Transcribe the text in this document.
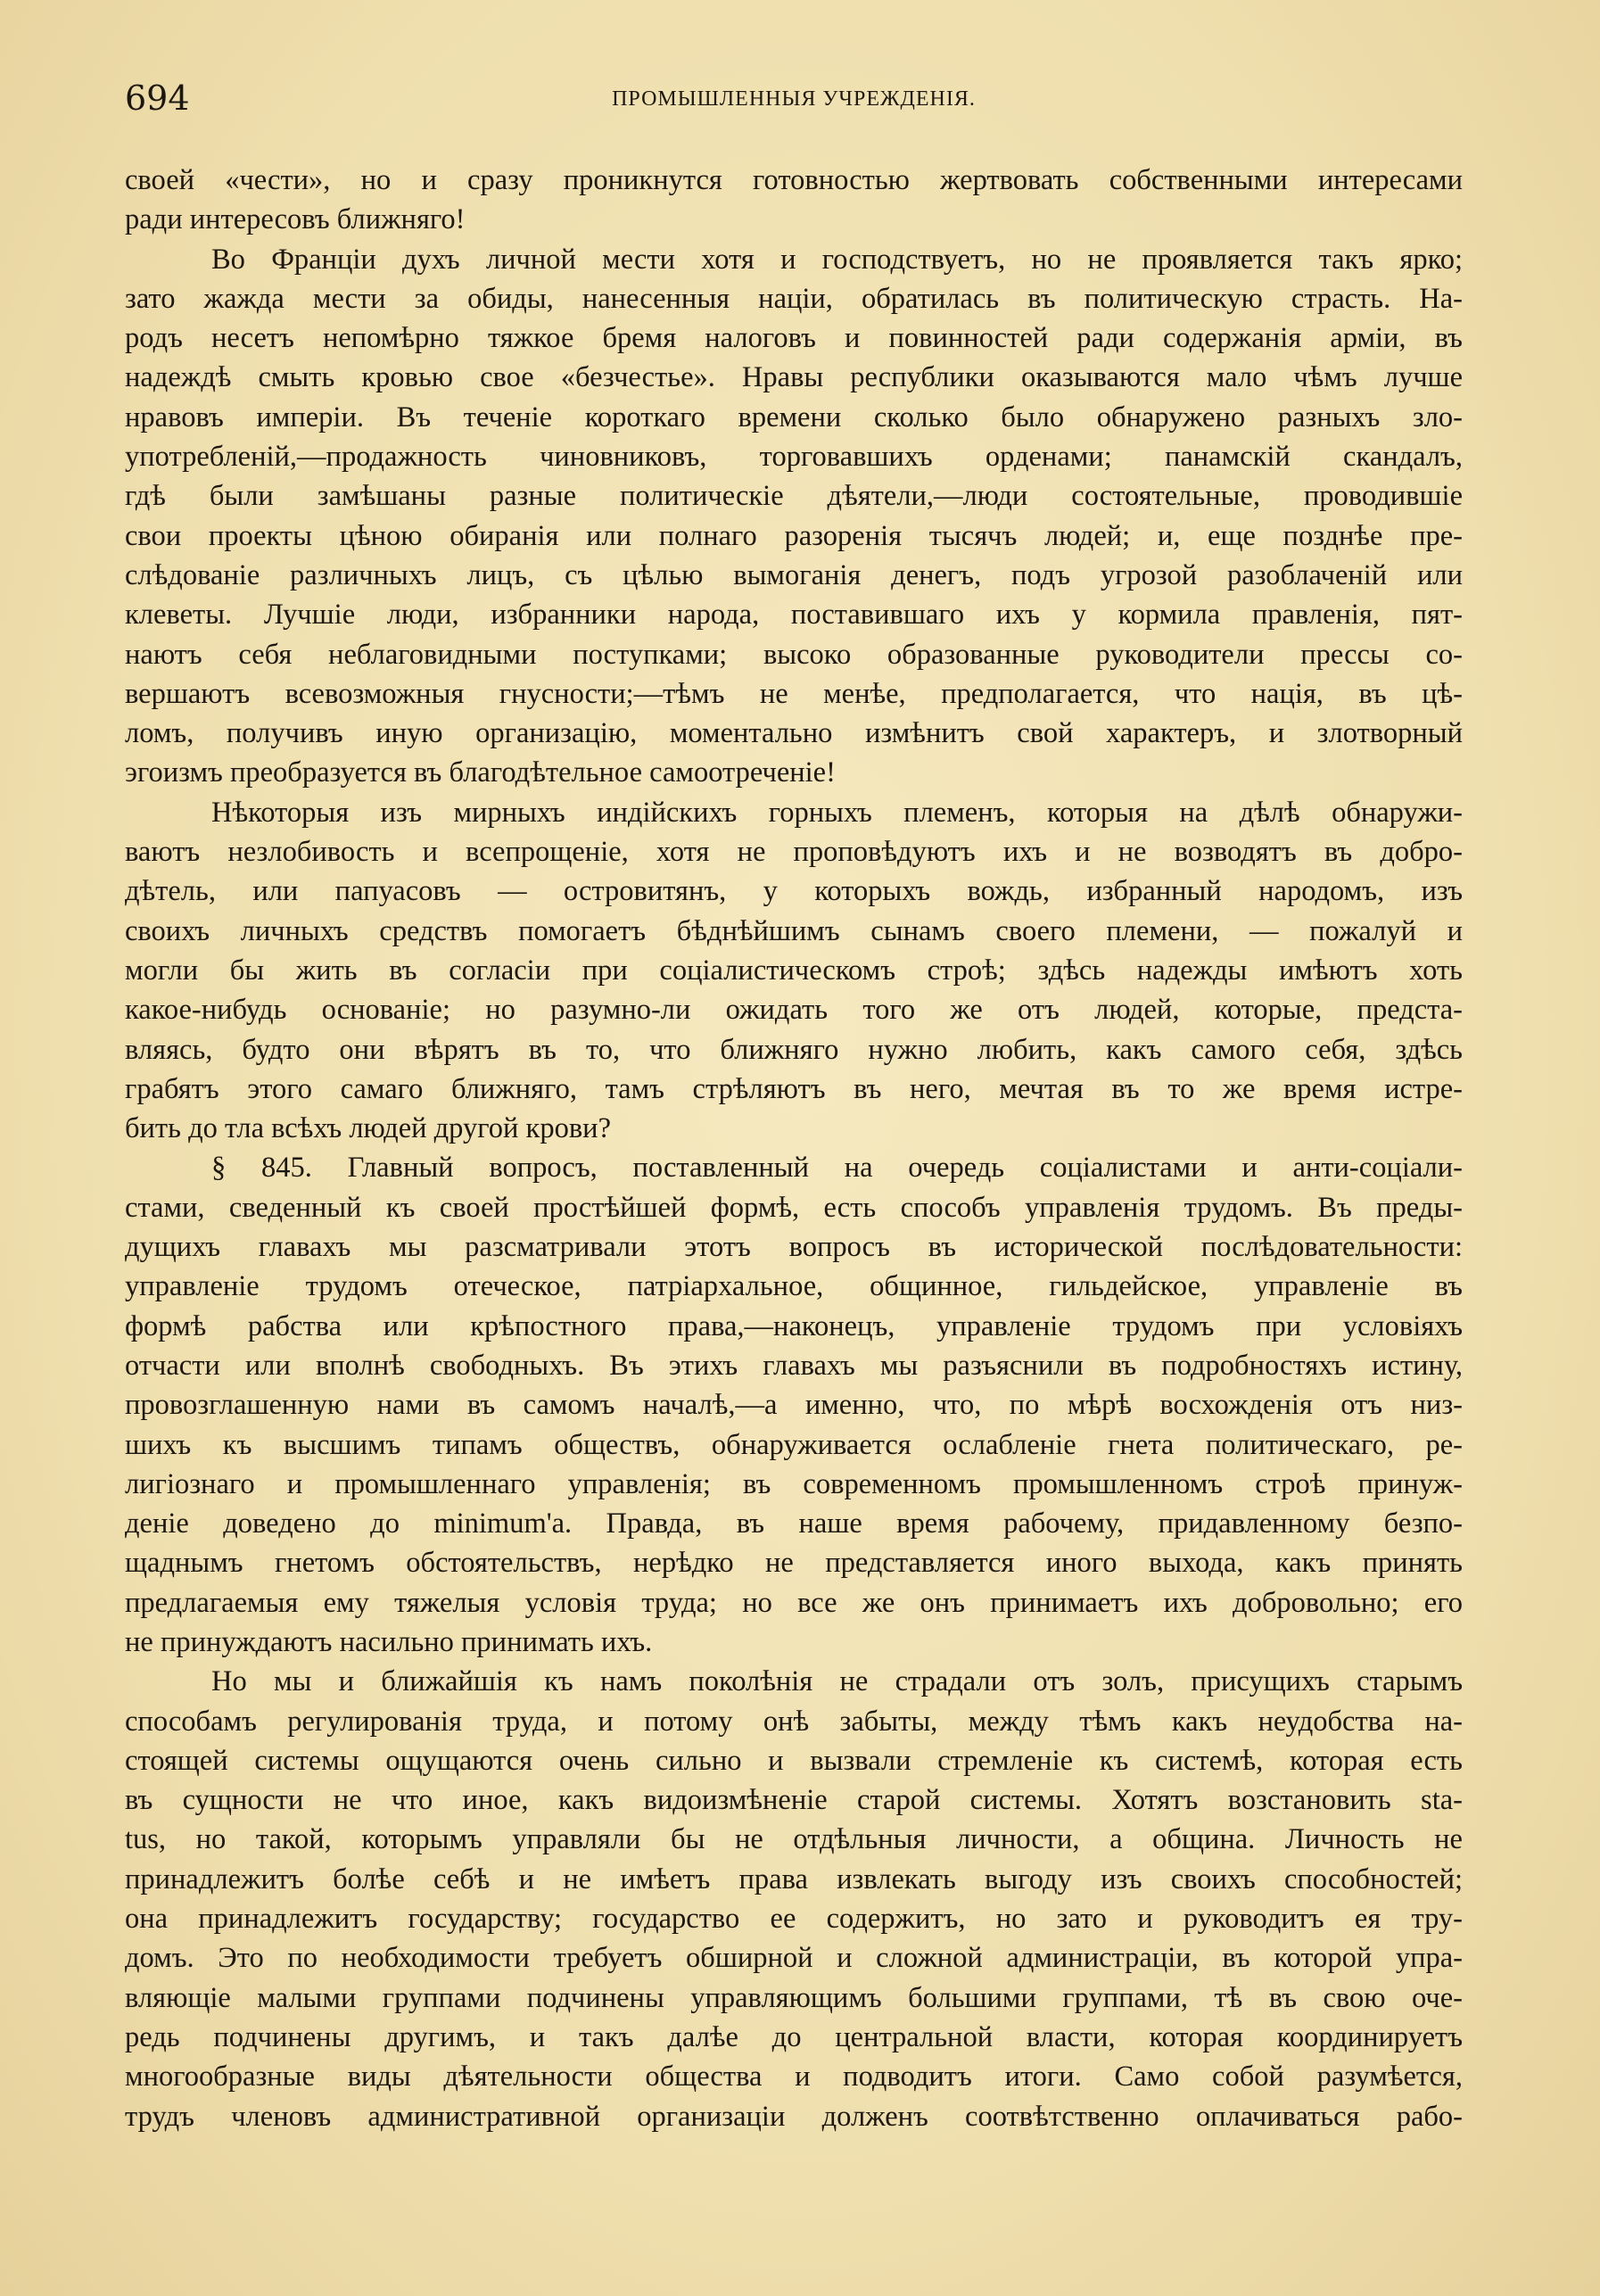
694	ПРОМЫШЛЕННЫЯ УЧРЕЖДЕНIЯ.
своей «чести», но и сразу проникнутся готовностью жертвовать собственными интересами
ради интересовъ ближняго!
Во Франціи духъ личной мести хотя и господствуетъ, но не проявляется такъ ярко;
зато жажда мести за обиды, нанесенныя націи, обратилась въ политическую страсть. На-
родъ несетъ непомѣрно тяжкое бремя налоговъ и повинностей ради содержанія арміи, въ
надеждѣ смыть кровью свое «безчестье». Нравы республики оказываются мало чѣмъ лучше
нравовъ имперіи. Въ теченіе короткаго времени сколько было обнаружено разныхъ зло-
употребленій,—продажность чиновниковъ, торговавшихъ орденами; панамскій скандалъ,
гдѣ были замѣшаны разные политическіе дѣятели,—люди состоятельные, проводившіе
свои проекты цѣною обиранія или полнаго разоренія тысячъ людей; и, еще позднѣе пре-
слѣдованіе различныхъ лицъ, съ цѣлью вымоганія денегъ, подъ угрозой разоблаченій или
клеветы. Лучшіе люди, избранники народа, поставившаго ихъ у кормила правленія, пят-
наютъ себя неблаговидными поступками; высоко образованные руководители прессы со-
вершаютъ всевозможныя гнусности;—тѣмъ не менѣе, предполагается, что нація, въ цѣ-
ломъ, получивъ иную организацію, моментально измѣнитъ свой характеръ, и злотворный
эгоизмъ преобразуется въ благодѣтельное самоотреченіе!
Нѣкоторыя изъ мирныхъ индійскихъ горныхъ племенъ, которыя на дѣлѣ обнаружи-
ваютъ незлобивость и всепрощеніе, хотя не проповѣдуютъ ихъ и не возводятъ въ добро-
дѣтель, или папуасовъ — островитянъ, у которыхъ вождь, избранный народомъ, изъ
своихъ личныхъ средствъ помогаетъ бѣднѣйшимъ сынамъ своего племени, — пожалуй и
могли бы жить въ согласіи при соціалистическомъ строѣ; здѣсь надежды имѣютъ хоть
какое-нибудь основаніе; но разумно-ли ожидать того же отъ людей, которые, предста-
вляясь, будто они вѣрятъ въ то, что ближняго нужно любить, какъ самого себя, здѣсь
грабятъ этого самаго ближняго, тамъ стрѣляютъ въ него, мечтая въ то же время истре-
бить до тла всѣхъ людей другой крови?
§ 845. Главный вопросъ, поставленный на очередь соціалистами и анти-соціали-
стами, сведенный къ своей простѣйшей формѣ, есть способъ управленія трудомъ. Въ преды-
дущихъ главахъ мы разсматривали этотъ вопросъ въ исторической послѣдовательности:
управленіе трудомъ отеческое, патріархальное, общинное, гильдейское, управленіе въ
формѣ рабства или крѣпостного права,—наконецъ, управленіе трудомъ при условіяхъ
отчасти или вполнѣ свободныхъ. Въ этихъ главахъ мы разъяснили въ подробностяхъ истину,
провозглашенную нами въ самомъ началѣ,—а именно, что, по мѣрѣ восхожденія отъ низ-
шихъ къ высшимъ типамъ обществъ, обнаруживается ослабленіе гнета политическаго, ре-
лигіознаго и промышленнаго управленія; въ современномъ промышленномъ строѣ принуж-
деніе доведено до minimum'а. Правда, въ наше время рабочему, придавленному безпо-
щаднымъ гнетомъ обстоятельствъ, нерѣдко не представляется иного выхода, какъ принять
предлагаемыя ему тяжелыя условія труда; но все же онъ принимаетъ ихъ добровольно; его
не принуждаютъ насильно принимать ихъ.
Но мы и ближайшія къ намъ поколѣнія не страдали отъ золъ, присущихъ старымъ
способамъ регулированія труда, и потому онѣ забыты, между тѣмъ какъ неудобства на-
стоящей системы ощущаются очень сильно и вызвали стремленіе къ системѣ, которая есть
въ сущности не что иное, какъ видоизмѣненіе старой системы. Хотятъ возстановить sta-
tus, но такой, которымъ управляли бы не отдѣльныя личности, а община. Личность не
принадлежитъ болѣе себѣ и не имѣетъ права извлекать выгоду изъ своихъ способностей;
она принадлежитъ государству; государство ее содержитъ, но зато и руководитъ ея тру-
домъ. Это по необходимости требуетъ обширной и сложной администраціи, въ которой упра-
вляющіе малыми группами подчинены управляющимъ большими группами, тѣ въ свою оче-
редь подчинены другимъ, и такъ далѣе до центральной власти, которая координируетъ
многообразные виды дѣятельности общества и подводитъ итоги. Само собой разумѣется,
трудъ членовъ административной организаціи долженъ соотвѣтственно оплачиваться рабо-
